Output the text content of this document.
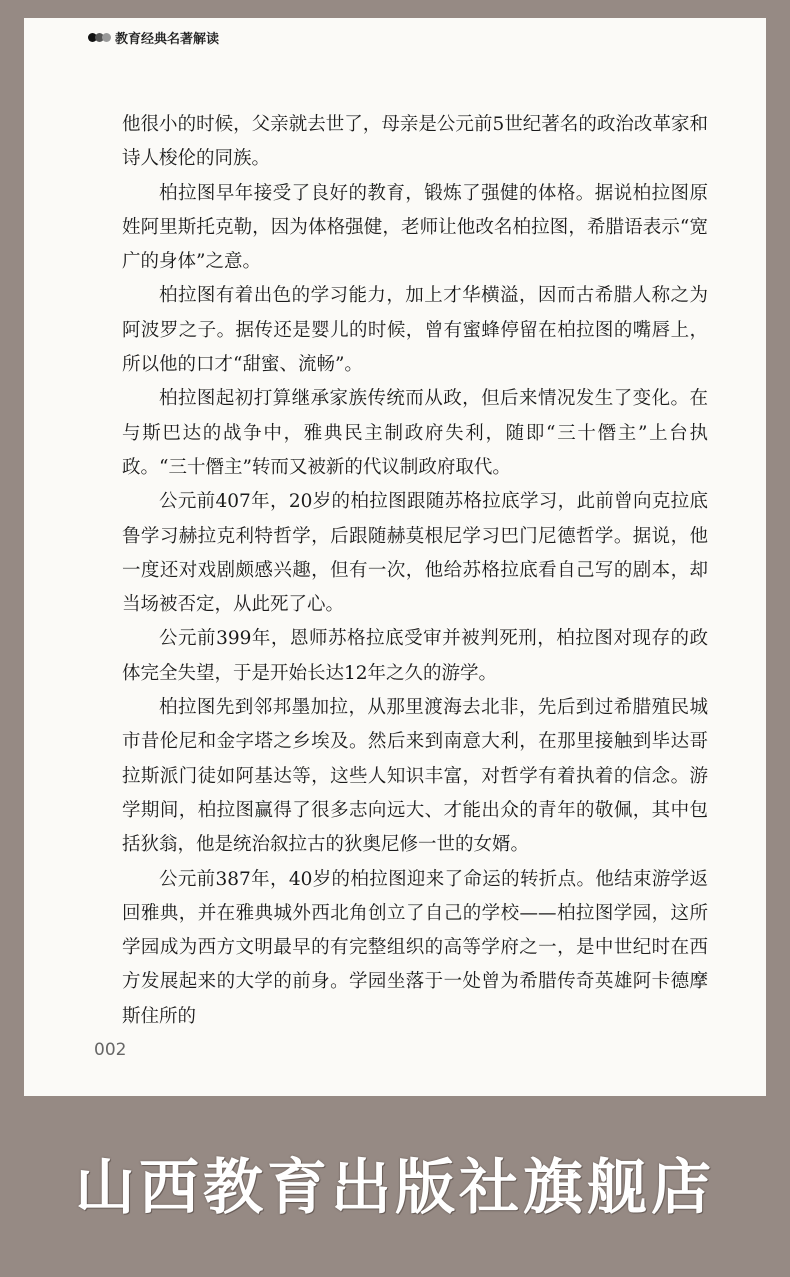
教育经典名著解读

他很小的时候，父亲就去世了，母亲是公元前5世纪著名的政治改革家和诗人梭伦的同族。

柏拉图早年接受了良好的教育，锻炼了强健的体格。据说柏拉图原姓阿里斯托克勒，因为体格强健，老师让他改名柏拉图，希腊语表示“宽广的身体”之意。

柏拉图有着出色的学习能力，加上才华横溢，因而古希腊人称之为阿波罗之子。据传还是婴儿的时候，曾有蜜蜂停留在柏拉图的嘴唇上，所以他的口才“甜蜜、流畅”。

柏拉图起初打算继承家族传统而从政，但后来情况发生了变化。在与斯巴达的战争中，雅典民主制政府失利，随即“三十僭主”上台执政。“三十僭主”转而又被新的代议制政府取代。

公元前407年，20岁的柏拉图跟随苏格拉底学习，此前曾向克拉底鲁学习赫拉克利特哲学，后跟随赫莫根尼学习巴门尼德哲学。据说，他一度还对戏剧颇感兴趣，但有一次，他给苏格拉底看自己写的剧本，却当场被否定，从此死了心。

公元前399年，恩师苏格拉底受审并被判死刑，柏拉图对现存的政体完全失望，于是开始长达12年之久的游学。

柏拉图先到邻邦墨加拉，从那里渡海去北非，先后到过希腊殖民城市昔伦尼和金字塔之乡埃及。然后来到南意大利，在那里接触到毕达哥拉斯派门徒如阿基达等，这些人知识丰富，对哲学有着执着的信念。游学期间，柏拉图赢得了很多志向远大、才能出众的青年的敬佩，其中包括狄翁，他是统治叙拉古的狄奥尼修一世的女婿。

公元前387年，40岁的柏拉图迎来了命运的转折点。他结束游学返回雅典，并在雅典城外西北角创立了自己的学校——柏拉图学园，这所学园成为西方文明最早的有完整组织的高等学府之一，是中世纪时在西方发展起来的大学的前身。学园坐落于一处曾为希腊传奇英雄阿卡德摩斯住所的

002
山西教育出版社旗舰店
